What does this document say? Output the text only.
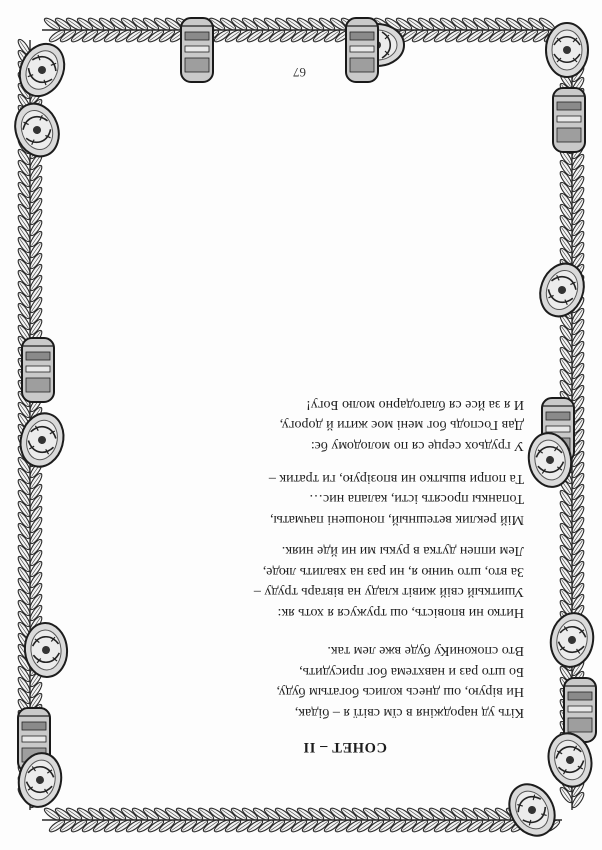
СОНЕТ – II
Кiть уд народжiня в сїм свiтї я – бiдак,
Ни вiрую, ош днесь колись богатым буду,
Бо што раз и навхтема бог присудить,
Вто спокониКу буде вже лем так.
Нитко ни вповiсть, ош тружуся я хоть як:
Ушиткый свiй живiт кладу на вiвтарь труду –
За вто, што чиню я, ни раз на хвалить люде,
Лем иппен дутка в рукы ми ни йде нияк.
Мiй реклик ветешный, поношенi пачматы,
Топанкы просять iсти, калапа нис…
Та попри вшыткo ни впозiрую, ги тратик –
У грудьох серце ся по молодому бє:
Дав Господь бог менi моє жити й дорогу,
И я за йсе ся благодарно молю Богу!
67
